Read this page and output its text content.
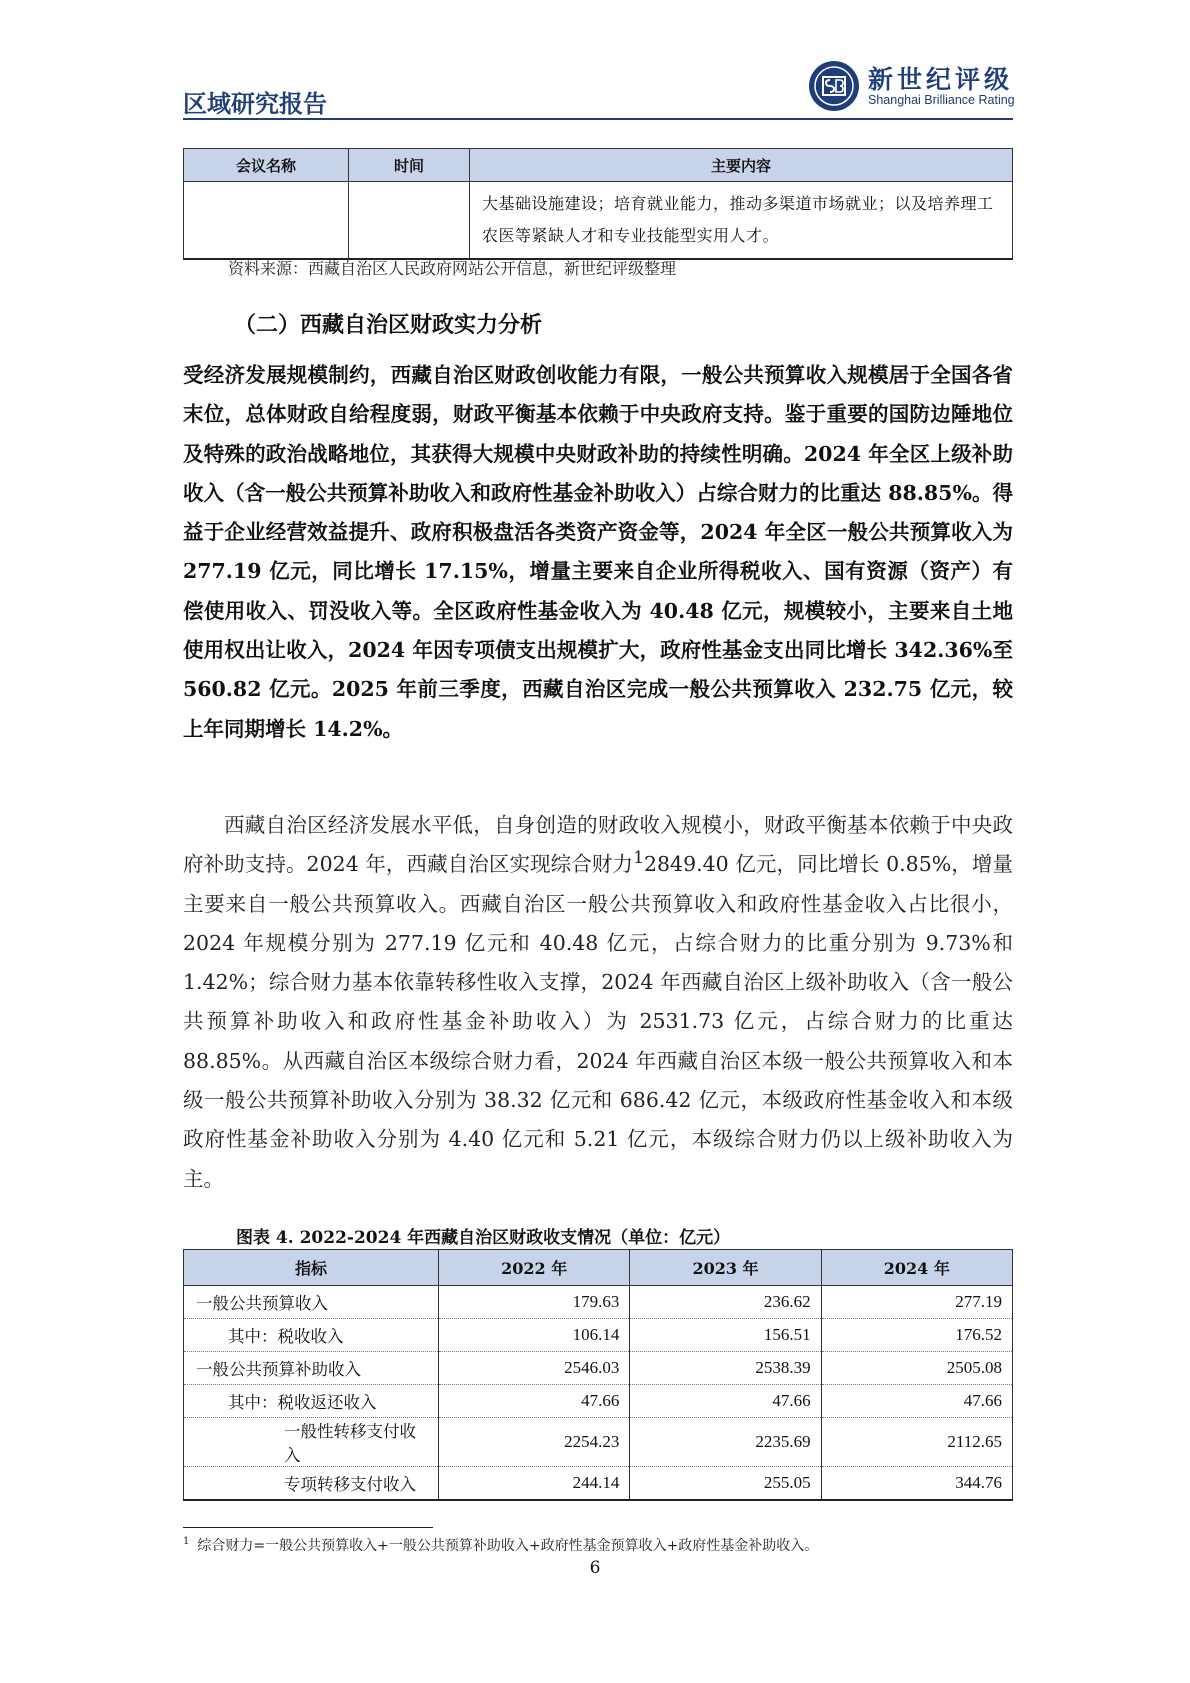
区域研究报告
新世纪评级
Shanghai Brilliance Rating
会议名称	时间	主要内容
		大基础设施建设；培育就业能力，推动多渠道市场就业；以及培养理工农医等紧缺人才和专业技能型实用人才。
资料来源：西藏自治区人民政府网站公开信息，新世纪评级整理
（二）西藏自治区财政实力分析

受经济发展规模制约，西藏自治区财政创收能力有限，一般公共预算收入规模居于全国各省末位，总体财政自给程度弱，财政平衡基本依赖于中央政府支持。鉴于重要的国防边陲地位及特殊的政治战略地位，其获得大规模中央财政补助的持续性明确。2024 年全区上级补助收入（含一般公共预算补助收入和政府性基金补助收入）占综合财力的比重达 88.85%。得益于企业经营效益提升、政府积极盘活各类资产资金等，2024 年全区一般公共预算收入为 277.19 亿元，同比增长 17.15%，增量主要来自企业所得税收入、国有资源（资产）有偿使用收入、罚没收入等。全区政府性基金收入为 40.48 亿元，规模较小，主要来自土地使用权出让收入，2024 年因专项债支出规模扩大，政府性基金支出同比增长 342.36%至 560.82 亿元。2025 年前三季度，西藏自治区完成一般公共预算收入 232.75 亿元，较上年同期增长 14.2%。

西藏自治区经济发展水平低，自身创造的财政收入规模小，财政平衡基本依赖于中央政府补助支持。2024 年，西藏自治区实现综合财力$^1$2849.40 亿元，同比增长 0.85%，增量主要来自一般公共预算收入。西藏自治区一般公共预算收入和政府性基金收入占比很小，2024 年规模分别为 277.19 亿元和 40.48 亿元，占综合财力的比重分别为 9.73%和 1.42%；综合财力基本依靠转移性收入支撑，2024 年西藏自治区上级补助收入（含一般公共预算补助收入和政府性基金补助收入）为 2531.73 亿元，占综合财力的比重达 88.85%。从西藏自治区本级综合财力看，2024 年西藏自治区本级一般公共预算收入和本级一般公共预算补助收入分别为 38.32 亿元和 686.42 亿元，本级政府性基金收入和本级政府性基金补助收入分别为 4.40 亿元和 5.21 亿元，本级综合财力仍以上级补助收入为主。

图表 4. 2022-2024 年西藏自治区财政收支情况（单位：亿元）
指标	2022 年	2023 年	2024 年
一般公共预算收入	179.63	236.62	277.19
其中：税收收入	106.14	156.51	176.52
一般公共预算补助收入	2546.03	2538.39	2505.08
其中：税收返还收入	47.66	47.66	47.66
一般性转移支付收入	2254.23	2235.69	2112.65
专项转移支付收入	244.14	255.05	344.76
$^1$ 综合财力=一般公共预算收入+一般公共预算补助收入+政府性基金预算收入+政府性基金补助收入。
6
